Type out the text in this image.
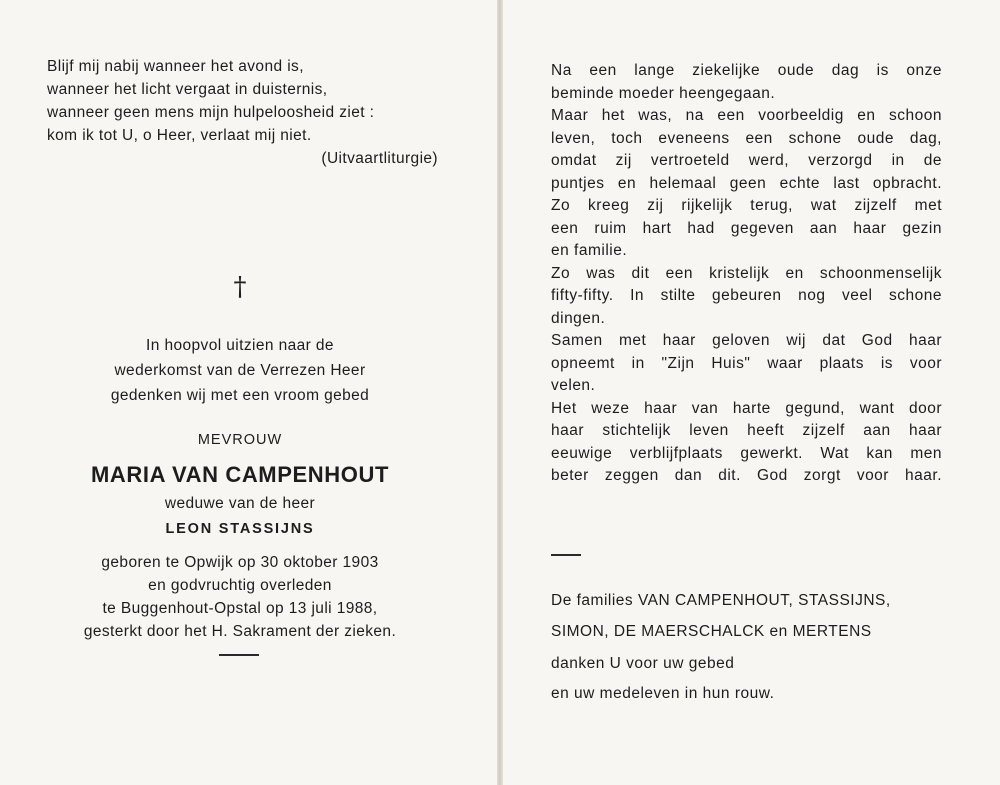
Blijf mij nabij wanneer het avond is,
wanneer het licht vergaat in duisternis,
wanneer geen mens mijn hulpeloosheid ziet :
kom ik tot U, o Heer, verlaat mij niet.
(Uitvaartliturgie)
†
In hoopvol uitzien naar de
wederkomst van de Verrezen Heer
gedenken wij met een vroom gebed
MEVROUW
MARIA VAN CAMPENHOUT
weduwe van de heer
LEON STASSIJNS
geboren te Opwijk op 30 oktober 1903
en godvruchtig overleden
te Buggenhout-Opstal op 13 juli 1988,
gesterkt door het H. Sakrament der zieken.
Na een lange ziekelijke oude dag is onze
beminde moeder heengegaan.
Maar het was, na een voorbeeldig en schoon
leven, toch eveneens een schone oude dag,
omdat zij vertroeteld werd, verzorgd in de
puntjes en helemaal geen echte last opbracht.
Zo kreeg zij rijkelijk terug, wat zijzelf met
een ruim hart had gegeven aan haar gezin
en familie.
Zo was dit een kristelijk en schoonmenselijk
fifty-fifty. In stilte gebeuren nog veel schone
dingen.
Samen met haar geloven wij dat God haar
opneemt in "Zijn Huis" waar plaats is voor
velen.
Het weze haar van harte gegund, want door
haar stichtelijk leven heeft zijzelf aan haar
eeuwige verblijfplaats gewerkt. Wat kan men
beter zeggen dan dit. God zorgt voor haar.
De families VAN CAMPENHOUT, STASSIJNS,
SIMON, DE MAERSCHALCK en MERTENS
danken U voor uw gebed
en uw medeleven in hun rouw.
